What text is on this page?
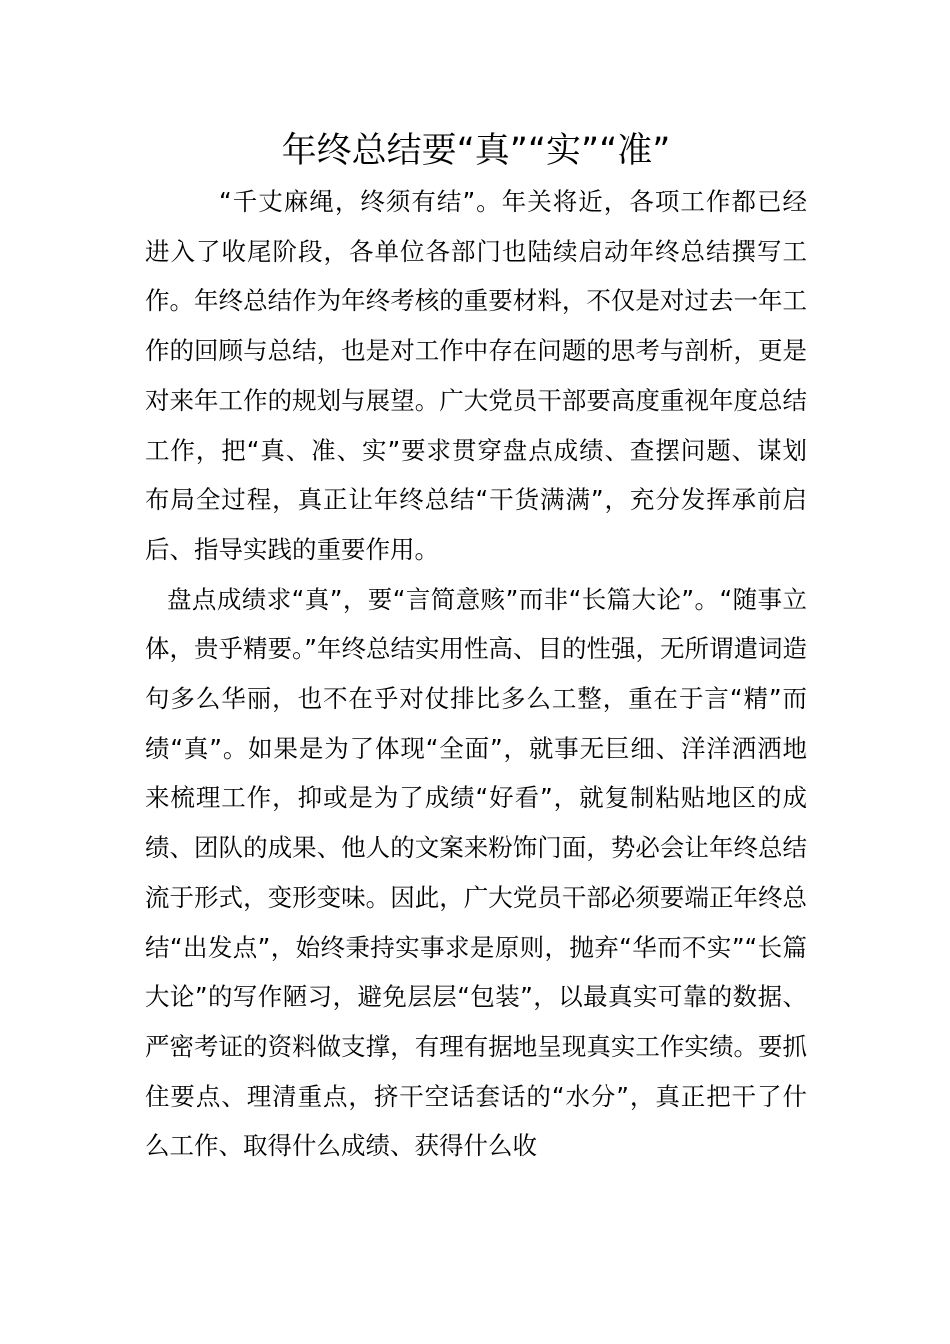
年终总结要“真”“实”“准”

“千丈麻绳，终须有结”。年关将近，各项工作都已经进入了收尾阶段，各单位各部门也陆续启动年终总结撰写工作。年终总结作为年终考核的重要材料，不仅是对过去一年工作的回顾与总结，也是对工作中存在问题的思考与剖析，更是对来年工作的规划与展望。广大党员干部要高度重视年度总结工作，把“真、准、实”要求贯穿盘点成绩、查摆问题、谋划布局全过程，真正让年终总结“干货满满”，充分发挥承前启后、指导实践的重要作用。

盘点成绩求“真”，要“言简意赅”而非“长篇大论”。“随事立体，贵乎精要。”年终总结实用性高、目的性强，无所谓遣词造句多么华丽，也不在乎对仗排比多么工整，重在于言“精”而绩“真”。如果是为了体现“全面”，就事无巨细、洋洋洒洒地来梳理工作，抑或是为了成绩“好看”，就复制粘贴地区的成绩、团队的成果、他人的文案来粉饰门面，势必会让年终总结流于形式，变形变味。因此，广大党员干部必须要端正年终总结“出发点”，始终秉持实事求是原则，抛弃“华而不实”“长篇大论”的写作陋习，避免层层“包装”，以最真实可靠的数据、严密考证的资料做支撑，有理有据地呈现真实工作实绩。要抓住要点、理清重点，挤干空话套话的“水分”，真正把干了什么工作、取得什么成绩、获得什么收
